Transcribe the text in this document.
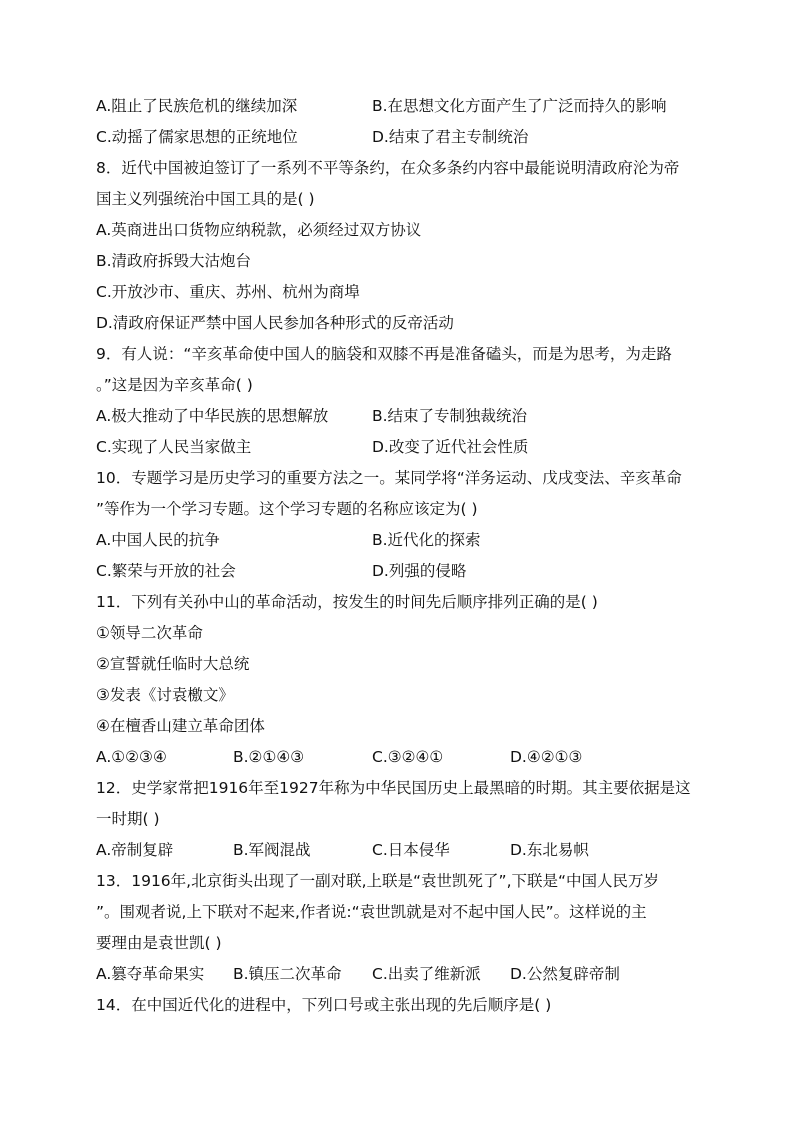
A.阻止了民族危机的继续加深	B.在思想文化方面产生了广泛而持久的影响
C.动摇了儒家思想的正统地位	D.结束了君主专制统治
8．近代中国被迫签订了一系列不平等条约，在众多条约内容中最能说明清政府沦为帝
国主义列强统治中国工具的是( )
A.英商进出口货物应纳税款，必须经过双方协议
B.清政府拆毁大沽炮台
C.开放沙市、重庆、苏州、杭州为商埠
D.清政府保证严禁中国人民参加各种形式的反帝活动
9．有人说：“辛亥革命使中国人的脑袋和双膝不再是准备磕头，而是为思考，为走路
。”这是因为辛亥革命( )
A.极大推动了中华民族的思想解放	B.结束了专制独裁统治
C.实现了人民当家做主	D.改变了近代社会性质
10．专题学习是历史学习的重要方法之一。某同学将“洋务运动、戊戌变法、辛亥革命
”等作为一个学习专题。这个学习专题的名称应该定为( )
A.中国人民的抗争	B.近代化的探索
C.繁荣与开放的社会	D.列强的侵略
11．下列有关孙中山的革命活动，按发生的时间先后顺序排列正确的是( )
①领导二次革命
②宣誓就任临时大总统
③发表《讨袁檄文》
④在檀香山建立革命团体
A.①②③④	B.②①④③	C.③②④①	D.④②①③
12．史学家常把1916年至1927年称为中华民国历史上最黑暗的时期。其主要依据是这
一时期( )
A.帝制复辟	B.军阀混战	C.日本侵华	D.东北易帜
13．1916年,北京街头出现了一副对联,上联是“袁世凯死了”,下联是“中国人民万岁
”。围观者说,上下联对不起来,作者说:“袁世凯就是对不起中国人民”。这样说的主
要理由是袁世凯( )
A.篡夺革命果实 B.镇压二次革命 C.出卖了维新派 D.公然复辟帝制
14．在中国近代化的进程中，下列口号或主张出现的先后顺序是( )
